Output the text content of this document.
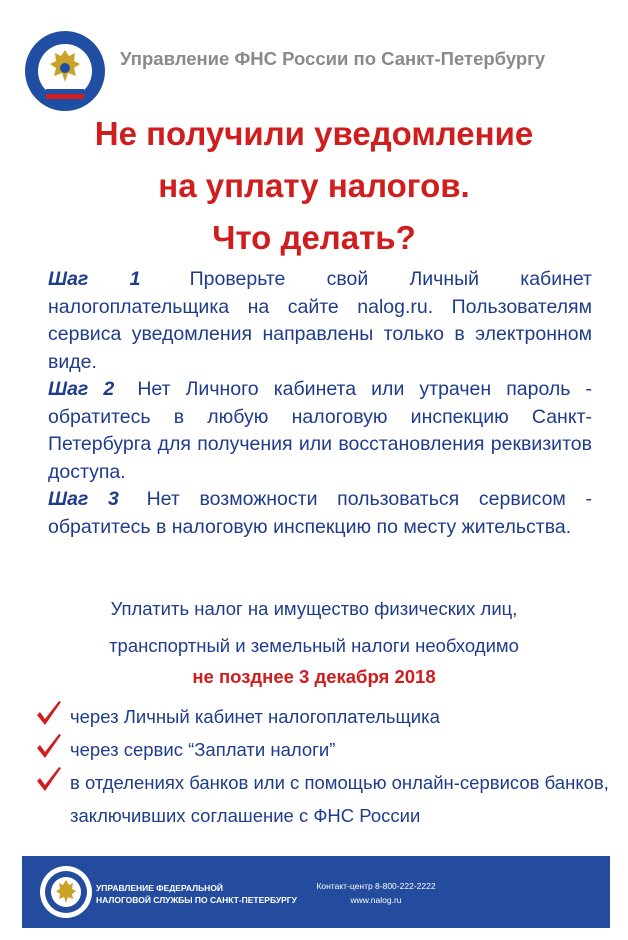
Управление ФНС России по Санкт-Петербургу
Не получили уведомление
на уплату налогов.
Что делать?

Шаг 1	Проверьте свой Личный кабинет налогоплательщика на сайте nalog.ru. Пользователям сервиса уведомления направлены только в электронном виде.

Шаг 2 Нет Личного кабинета или утрачен пароль - обратитесь в любую налоговую инспекцию Санкт-Петербурга для получения или восстановления реквизитов доступа.

Шаг 3 Нет возможности пользоваться сервисом - обратитесь в налоговую инспекцию по месту жительства.

Уплатить налог на имущество физических лиц,
транспортный и земельный налоги необходимо
не позднее 3 декабря 2018
через Личный кабинет налогоплательщика
через сервис “Заплати налоги”
в отделениях банков или с помощью онлайн-сервисов банков, заключивших соглашение с ФНС России
УПРАВЛЕНИЕ ФЕДЕРАЛЬНОЙ
НАЛОГОВОЙ СЛУЖБЫ ПО САНКТ-ПЕТЕРБУРГУ
Контакт-центр 8-800-222-2222
www.nalog.ru
